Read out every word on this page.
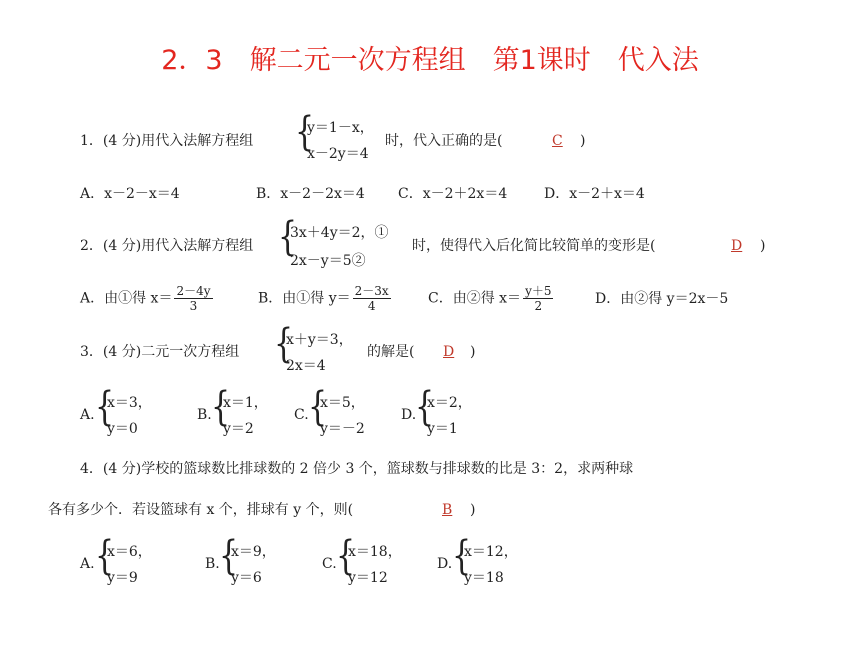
2．3　解二元一次方程组　第1课时　代入法
1．(4 分)用代入法解方程组 {
y＝1－x，
x－2y＝4
时，代入正确的是(	C )
A．x－2－x＝4	B．x－2－2x＝4 C．x－2＋2x＝4	D．x－2＋x＝4
2．(4 分)用代入法解方程组 {
3x＋4y＝2，①
2x－y＝5②
时，使得代入后化简比较简单的变形是(	D )
A．由①得 $x= \frac{2-4y}{3}$	B．由①得 $y= \frac{2-3x}{4}$	C．由②得 $x= \frac{y+5}{2}$	D．由②得 y＝2x－5
3．(4 分)二元一次方程组 {
x＋y＝3，
2x＝4
的解是( D )
A. {
x＝3，
y＝0
B. {
x＝1，
y＝2
C. {
x＝5，
y＝－2
D.
{
x＝2，
y＝1
4．(4 分)学校的篮球数比排球数的 2 倍少 3 个，篮球数与排球数的比是 3：2，求两种球
各有多少个．若设篮球有 x 个，排球有 y 个，则(	B )
A. {
x＝6，
y＝9
B. {
x＝9，
y＝6
C. {
x＝18，
y＝12
D. {
x＝12，
y＝18
